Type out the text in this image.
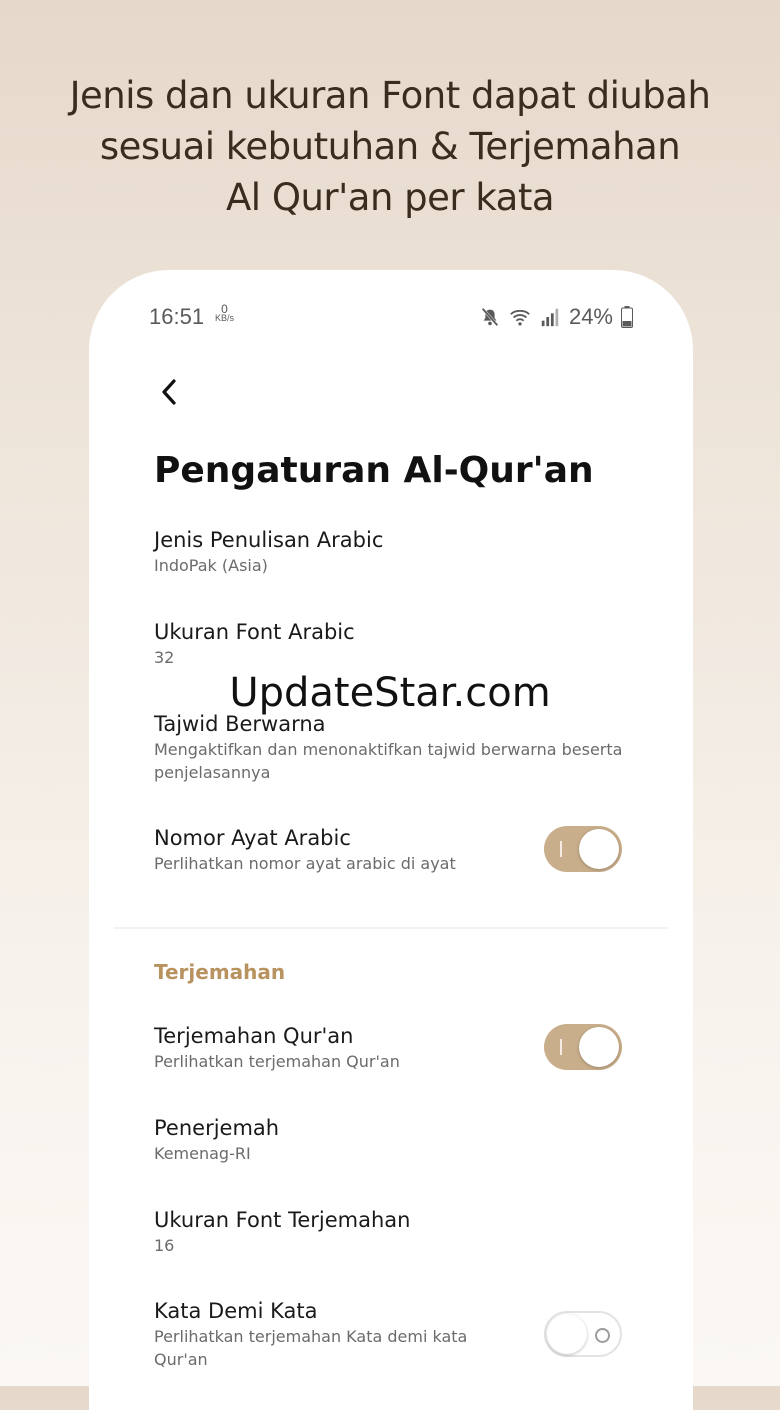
Jenis dan ukuran Font dapat diubah
sesuai kebutuhan & Terjemahan
Al Qur'an per kata
16:51	0
KB/s	24%
Pengaturan Al-Qur'an
Jenis Penulisan Arabic
IndoPak (Asia)
Ukuran Font Arabic
32
Tajwid Berwarna
Mengaktifkan dan menonaktifkan tajwid berwarna beserta penjelasannya
Nomor Ayat Arabic
Perlihatkan nomor ayat arabic di ayat
Terjemahan
Terjemahan Qur'an
Perlihatkan terjemahan Qur'an
Penerjemah
Kemenag-RI
Ukuran Font Terjemahan
16
Kata Demi Kata
Perlihatkan terjemahan Kata demi kata Qur'an
UpdateStar.com
